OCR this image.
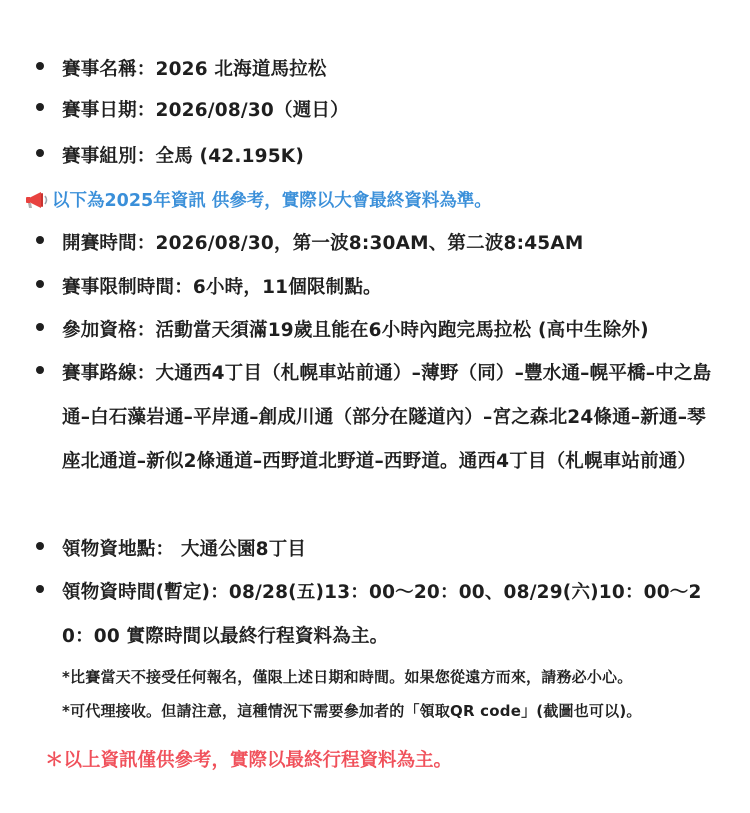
賽事名稱：2026 北海道馬拉松
賽事日期：2026/08/30（週日）
賽事組別：全馬 (42.195K)
以下為2025年資訊 供參考，實際以大會最終資料為準。
開賽時間：2026/08/30，第一波8:30AM、第二波8:45AM
賽事限制時間：6小時，11個限制點。
參加資格：活動當天須滿19歲且能在6小時內跑完馬拉松 (高中生除外)
賽事路線：大通西4丁目（札幌車站前通）–薄野（同）–豐水通–幌平橋–中之島通–白石藻岩通–平岸通–創成川通（部分在隧道內）–宮之森北24條通–新通–琴座北通道–新似2條通道–西野道北野道–西野道。通西4丁目（札幌車站前通）
領物資地點： 大通公園8丁目
領物資時間(暫定)：08/28(五)13：00～20：00、08/29(六)10：00～20：00 實際時間以最終行程資料為主。
*比賽當天不接受任何報名，僅限上述日期和時間。如果您從遠方而來，請務必小心。
*可代理接收。但請注意，這種情況下需要參加者的「領取QR code」(截圖也可以)。
＊以上資訊僅供參考，實際以最終行程資料為主。
